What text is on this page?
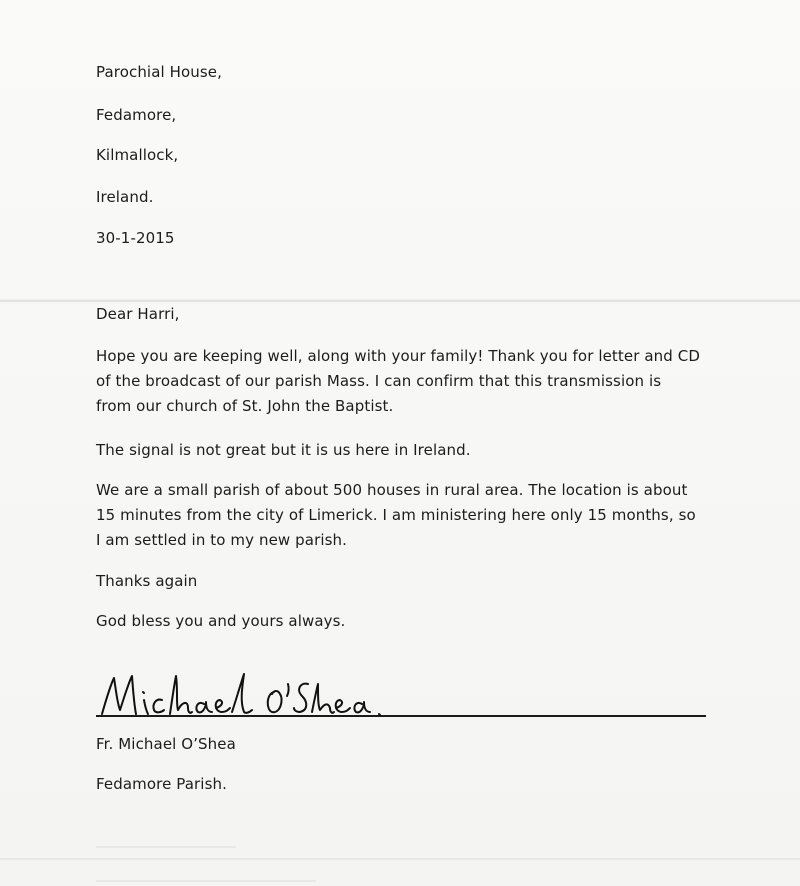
Parochial House,
Fedamore,
Kilmallock,
Ireland.
30-1-2015
Dear Harri,
Hope you are keeping well, along with your family! Thank you for letter and CD
of the broadcast of our parish Mass. I can confirm that this transmission is
from our church of St. John the Baptist.
The signal is not great but it is us here in Ireland.
We are a small parish of about 500 houses in rural area. The location is about
15 minutes from the city of Limerick. I am ministering here only 15 months, so
I am settled in to my new parish.
Thanks again
God bless you and yours always.
Michael O'Shea
Fr. Michael O’Shea
Fedamore Parish.
